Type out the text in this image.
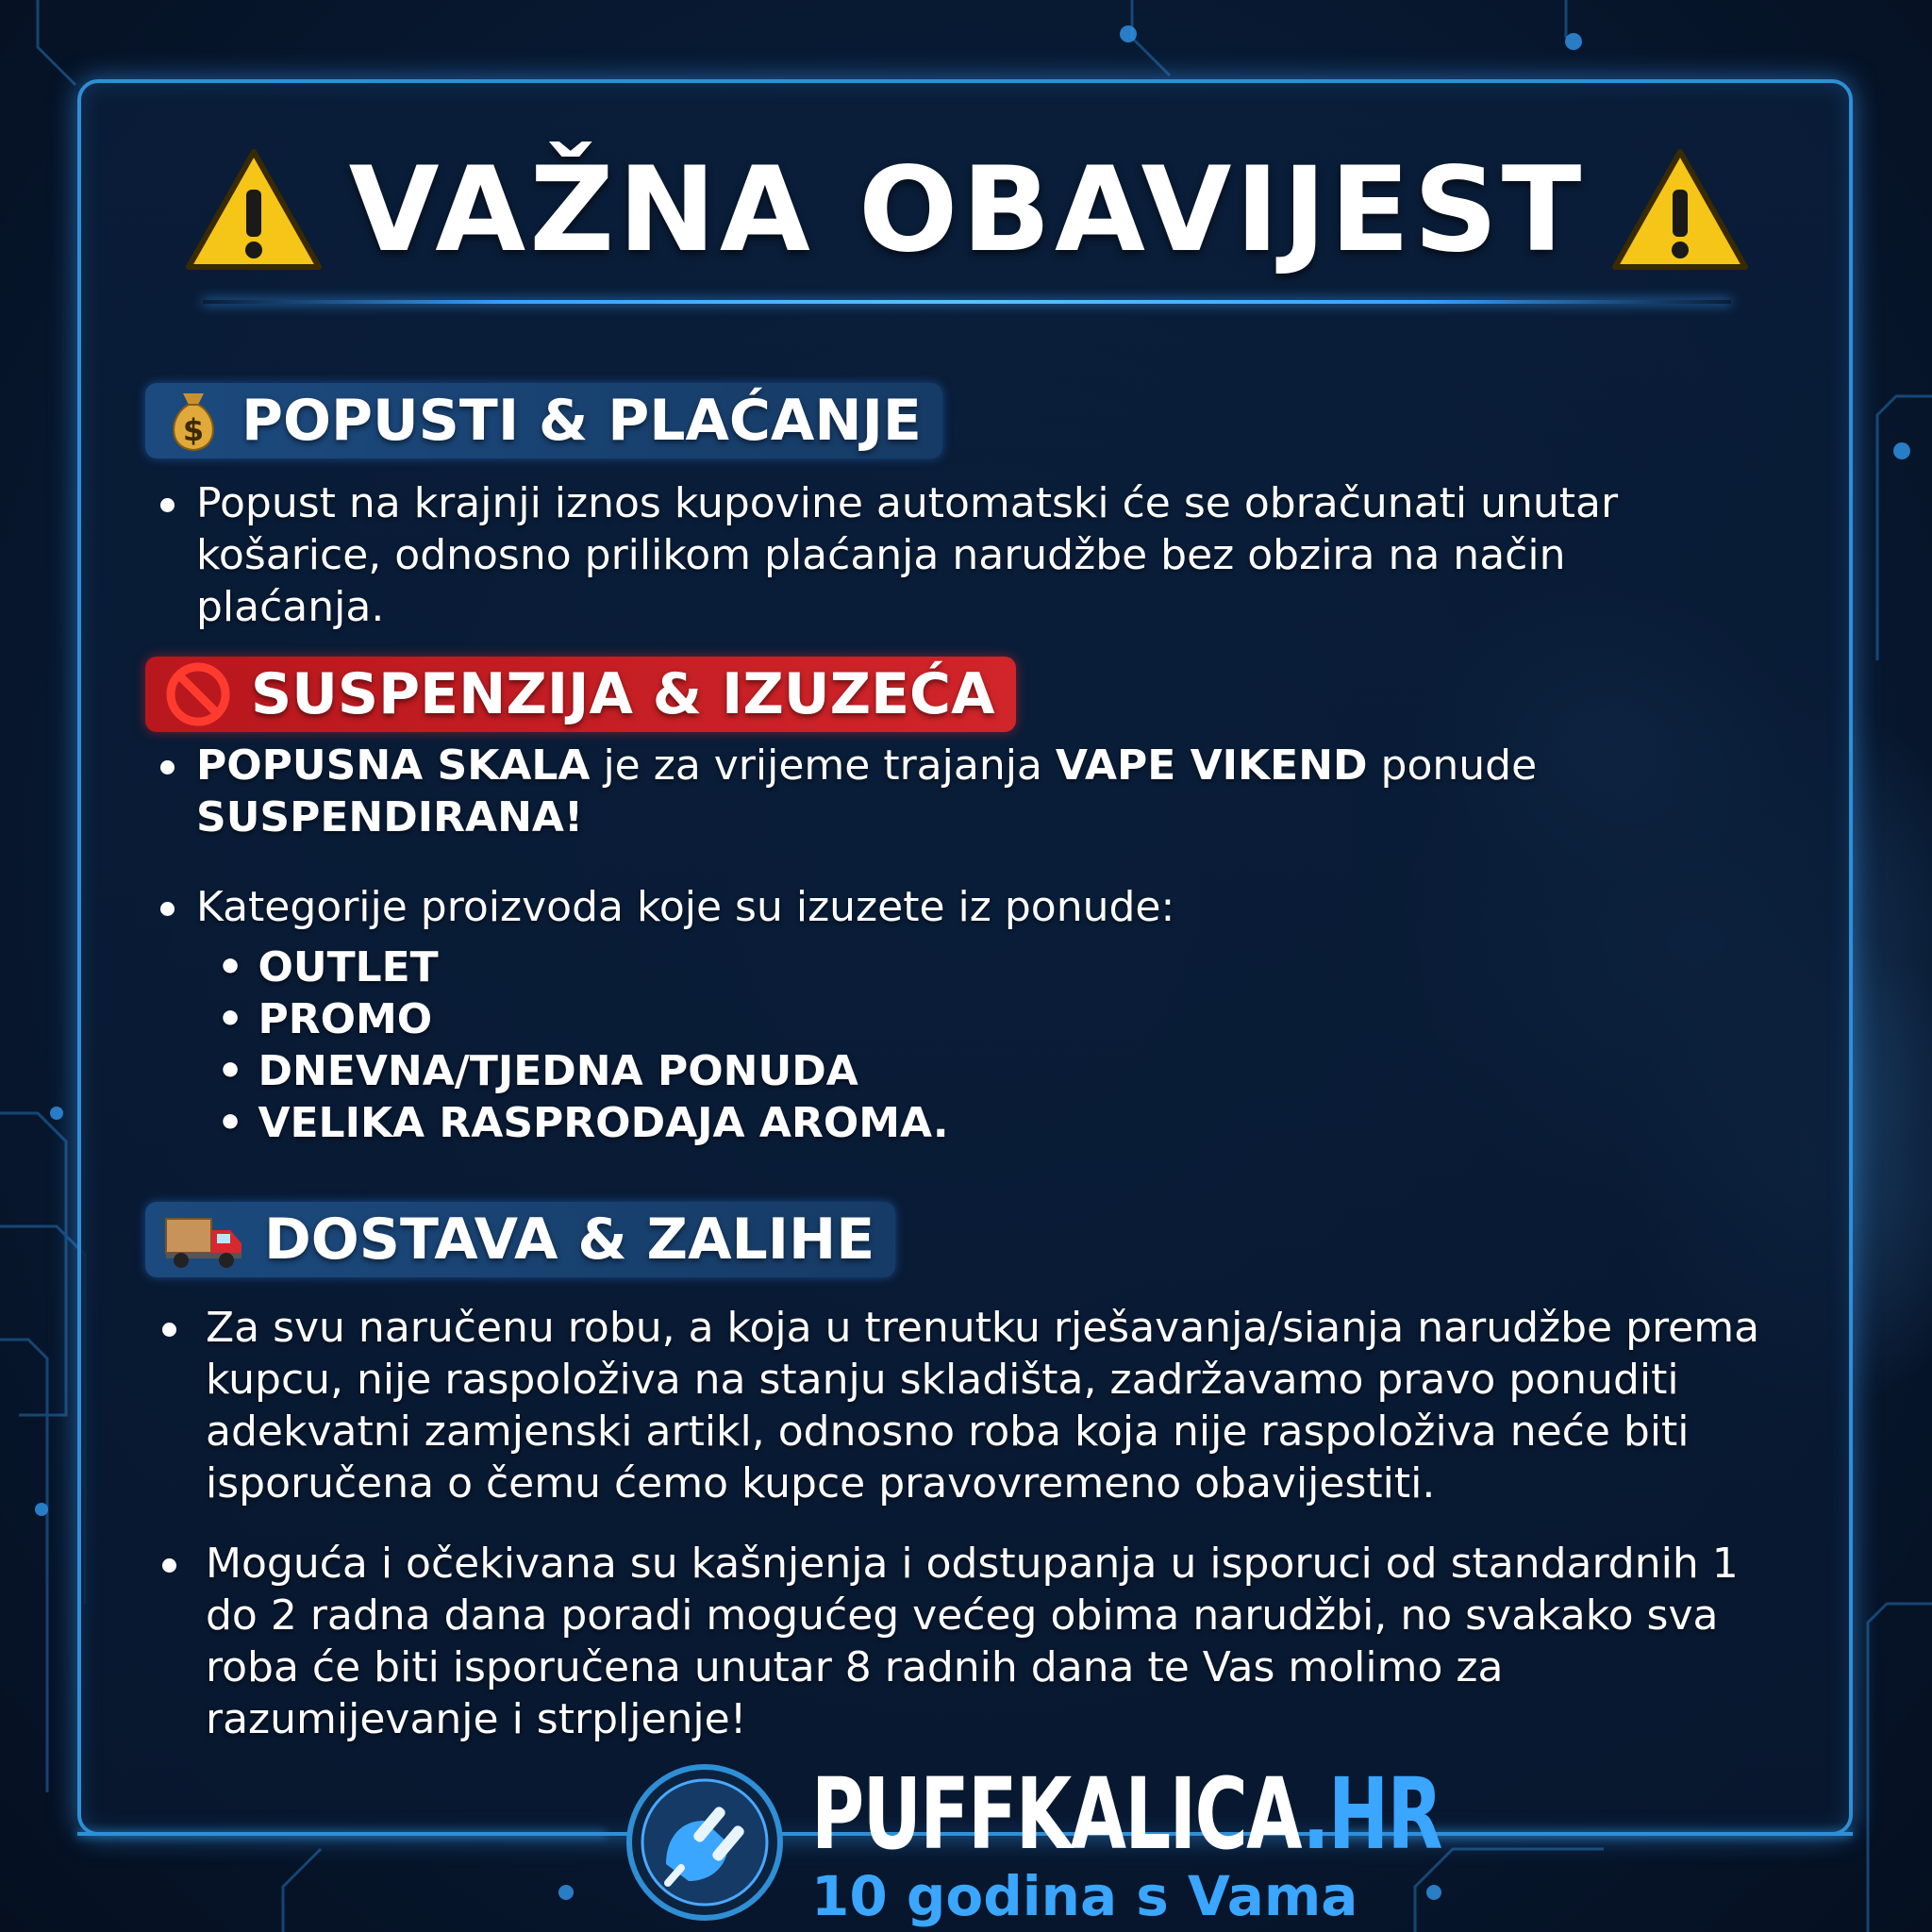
VAŽNA OBAVIJEST
$ POPUSTI & PLAĆANJE
Popust na krajnji iznos kupovine automatski će se obračunati unutar košarice, odnosno prilikom plaćanja narudžbe bez obzira na način plaćanja.
SUSPENZIJA & IZUZEĆA
POPUSNA SKALA je za vrijeme trajanja VAPE VIKEND ponude
SUSPENDIRANA!
Kategorije proizvoda koje su izuzete iz ponude:
• OUTLET
• PROMO
• DNEVNA/TJEDNA PONUDA
• VELIKA RASPRODAJA AROMA.
DOSTAVA & ZALIHE
Za svu naručenu robu, a koja u trenutku rješavanja/sianja narudžbe prema kupcu, nije raspoloživa na stanju skladišta, zadržavamo pravo ponuditi adekvatni zamjenski artikl, odnosno roba koja nije raspoloživa neće biti isporučena o čemu ćemo kupce pravovremeno obavijestiti.
Moguća i očekivana su kašnjenja i odstupanja u isporuci od standardnih 1 do 2 radna dana poradi mogućeg većeg obima narudžbi, no svakako sva roba će biti isporučena unutar 8 radnih dana te Vas molimo za razumijevanje i strpljenje!
PUFFKALICA.HR
10 godina s Vama
